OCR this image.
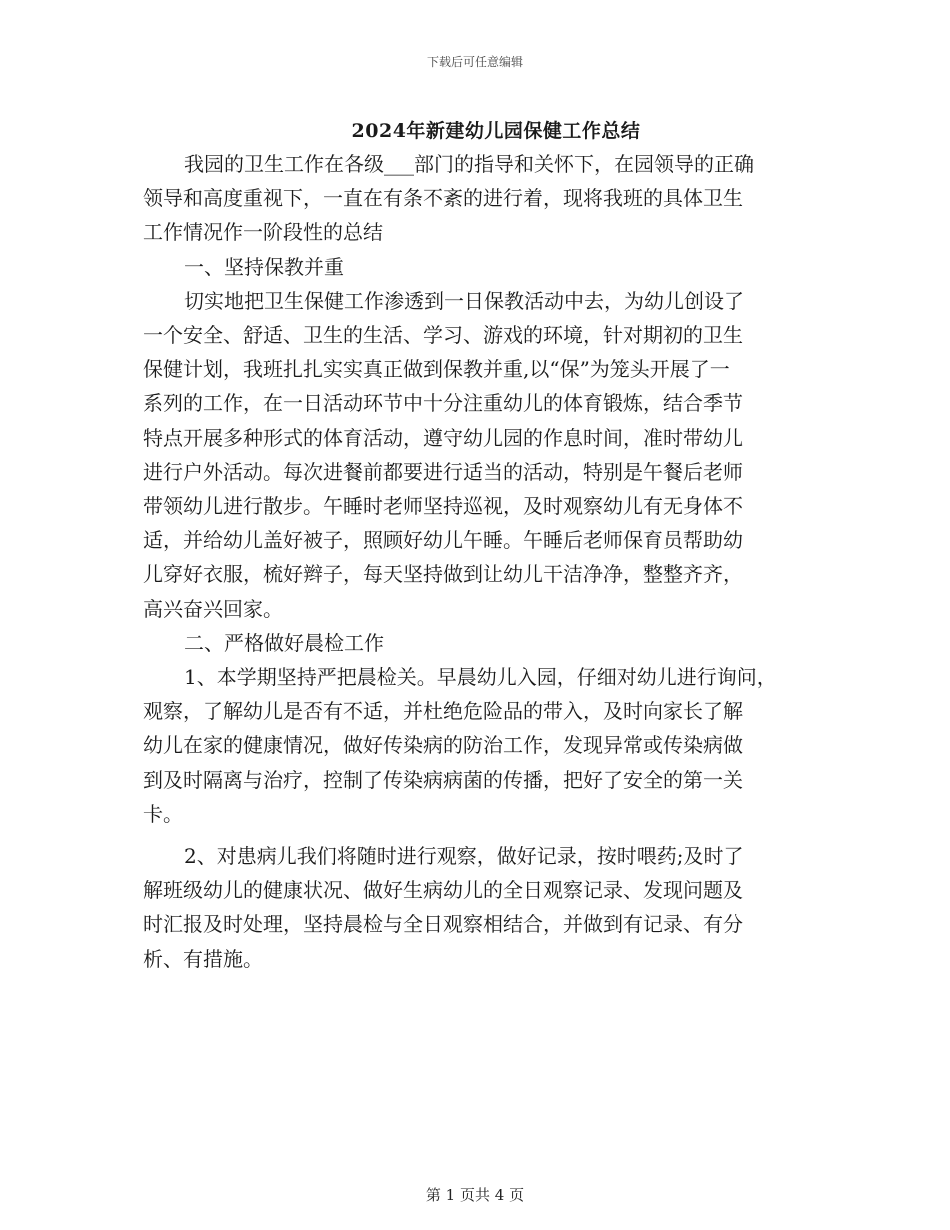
下载后可任意编辑
2024年新建幼儿园保健工作总结

我园的卫生工作在各级___部门的指导和关怀下，在园领导的正确
领导和高度重视下，一直在有条不紊的进行着，现将我班的具体卫生
工作情况作一阶段性的总结

一、坚持保教并重

切实地把卫生保健工作渗透到一日保教活动中去，为幼儿创设了
一个安全、舒适、卫生的生活、学习、游戏的环境，针对期初的卫生
保健计划，我班扎扎实实真正做到保教并重,以“保”为笼头开展了一
系列的工作，在一日活动环节中十分注重幼儿的体育锻炼，结合季节
特点开展多种形式的体育活动，遵守幼儿园的作息时间，准时带幼儿
进行户外活动。每次进餐前都要进行适当的活动，特别是午餐后老师
带领幼儿进行散步。午睡时老师坚持巡视，及时观察幼儿有无身体不
适，并给幼儿盖好被子，照顾好幼儿午睡。午睡后老师保育员帮助幼
儿穿好衣服，梳好辫子，每天坚持做到让幼儿干洁净净，整整齐齐，
高兴奋兴回家。

二、严格做好晨检工作

1、本学期坚持严把晨检关。早晨幼儿入园，仔细对幼儿进行询问，
观察，了解幼儿是否有不适，并杜绝危险品的带入，及时向家长了解
幼儿在家的健康情况，做好传染病的防治工作，发现异常或传染病做
到及时隔离与治疗，控制了传染病病菌的传播，把好了安全的第一关
卡。

2、对患病儿我们将随时进行观察，做好记录，按时喂药;及时了
解班级幼儿的健康状况、做好生病幼儿的全日观察记录、发现问题及
时汇报及时处理，坚持晨检与全日观察相结合，并做到有记录、有分
析、有措施。

第 1 页共 4 页
